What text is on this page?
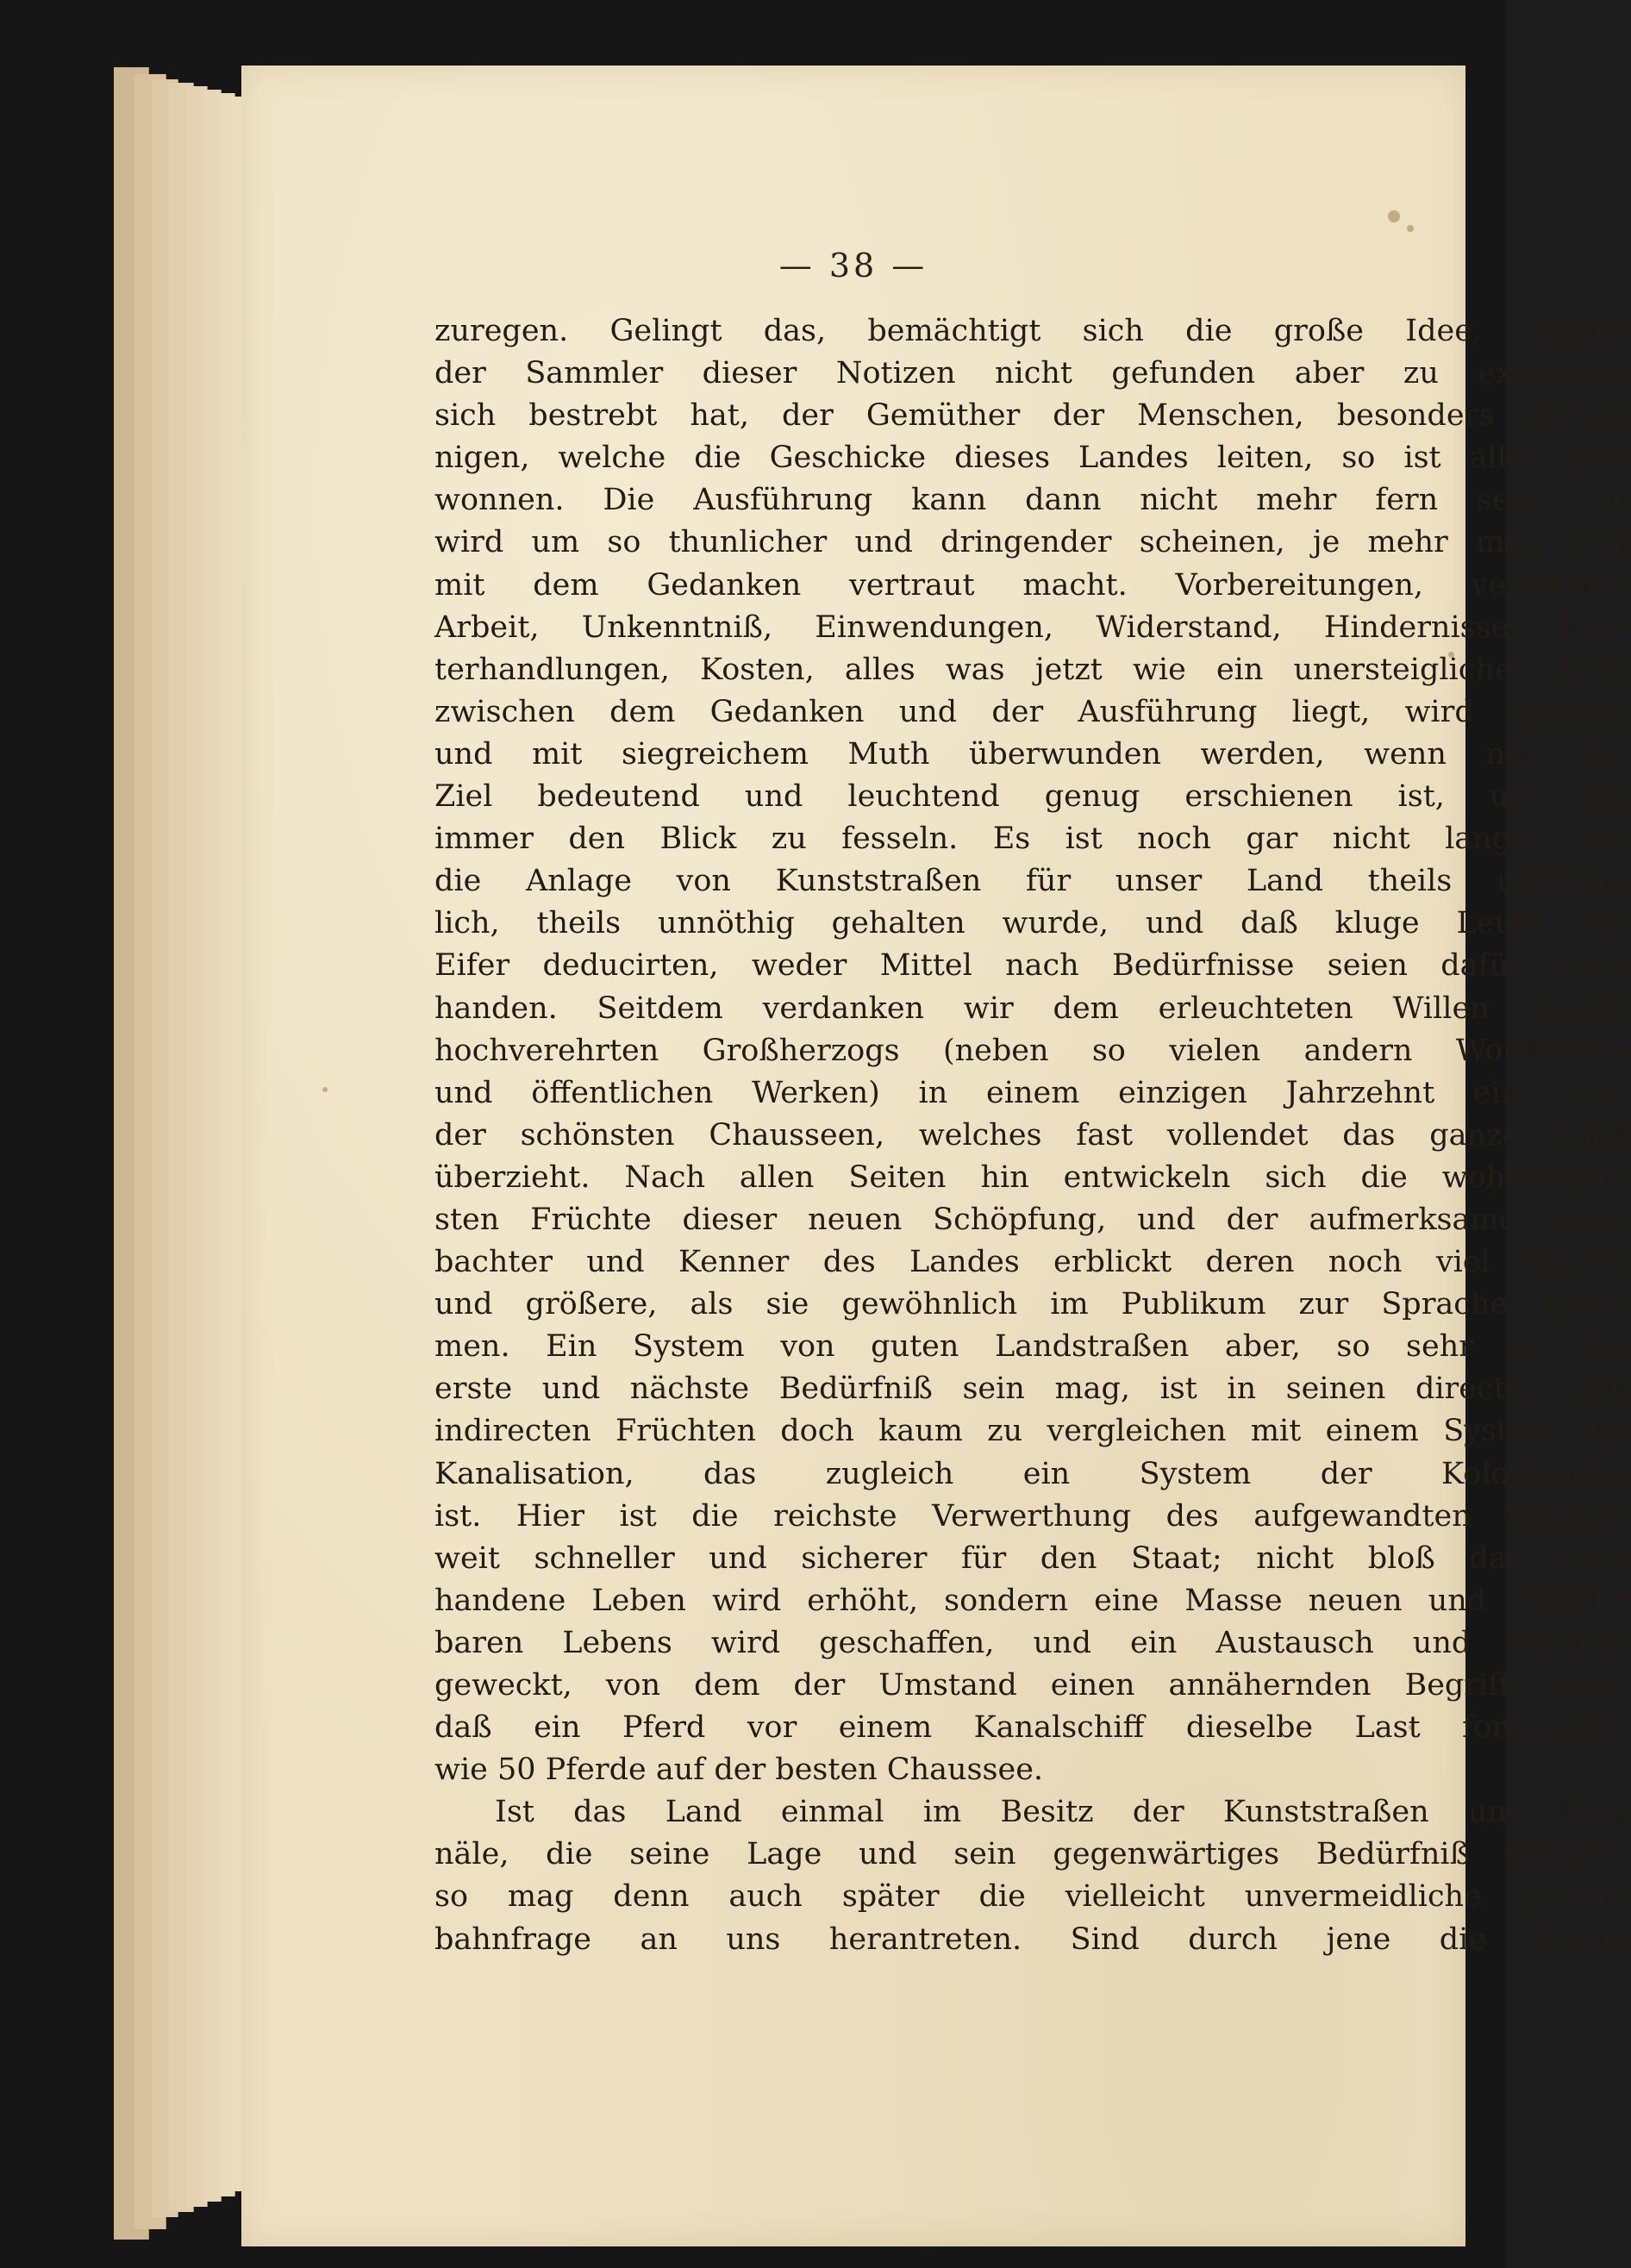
— 38 —
zuregen. Gelingt das, bemächtigt sich die große Idee, welche
der Sammler dieser Notizen nicht gefunden aber zu exponiren
sich bestrebt hat, der Gemüther der Menschen, besonders derje=
nigen, welche die Geschicke dieses Landes leiten, so ist alles ge=
wonnen. Die Ausführung kann dann nicht mehr fern sein; sie
wird um so thunlicher und dringender scheinen, je mehr man sich
mit dem Gedanken vertraut macht. Vorbereitungen, vermehrte
Arbeit, Unkenntniß, Einwendungen, Widerstand, Hindernisse, Un=
terhandlungen, Kosten, alles was jetzt wie ein unersteiglicher Berg
zwischen dem Gedanken und der Ausführung liegt, wird allmälig
und mit siegreichem Muth überwunden werden, wenn nur das
Ziel bedeutend und leuchtend genug erschienen ist, um auf
immer den Blick zu fesseln. Es ist noch gar nicht lange, daß
die Anlage von Kunststraßen für unser Land theils unthun=
lich, theils unnöthig gehalten wurde, und daß kluge Leute mit
Eifer deducirten, weder Mittel nach Bedürfnisse seien dafür vor=
handen. Seitdem verdanken wir dem erleuchteten Willen unsers
hochverehrten Großherzogs (neben so vielen andern Wohlthaten
und öffentlichen Werken) in einem einzigen Jahrzehnt ein Netz
der schönsten Chausseen, welches fast vollendet das ganze Land
überzieht. Nach allen Seiten hin entwickeln sich die wohlthätig=
sten Früchte dieser neuen Schöpfung, und der aufmerksame Beo=
bachter und Kenner des Landes erblickt deren noch viel andere
und größere, als sie gewöhnlich im Publikum zur Sprache kom=
men. Ein System von guten Landstraßen aber, so sehr es das
erste und nächste Bedürfniß sein mag, ist in seinen directen und
indirecten Früchten doch kaum zu vergleichen mit einem System der
Kanalisation, das zugleich ein System der Kolonisation
ist. Hier ist die reichste Verwerthung des aufgewandten Kapitals
weit schneller und sicherer für den Staat; nicht bloß das vor=
handene Leben wird erhöht, sondern eine Masse neuen und frucht=
baren Lebens wird geschaffen, und ein Austausch und Verkehr
geweckt, von dem der Umstand einen annähernden Begriff giebt,
daß ein Pferd vor einem Kanalschiff dieselbe Last fortschafft,
wie 50 Pferde auf der besten Chaussee.
Ist das Land einmal im Besitz der Kunststraßen und Ka=
näle, die seine Lage und sein gegenwärtiges Bedürfniß fordern,
so mag denn auch später die vielleicht unvermeidliche Eisen=
bahnfrage an uns herantreten. Sind durch jene die Kräfte
